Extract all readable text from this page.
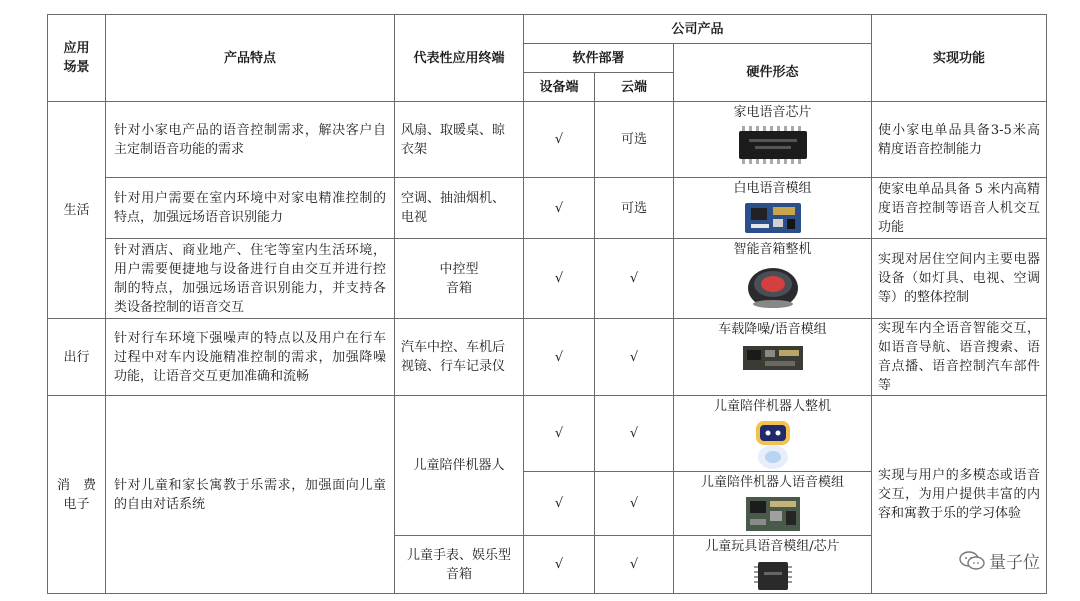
应用场景	产品特点	代表性应用终端	公司产品			实现功能
			软件部署		硬件形态	
			设备端	云端		
生活	针对小家电产品的语音控制需求，解决客户自主定制语音功能的需求	风扇、取暖桌、晾衣架	√	可选	家电语音芯片	使小家电单品具备3-5米高精度语音控制能力
	针对用户需要在室内环境中对家电精准控制的特点，加强远场语音识别能力	空调、抽油烟机、电视	√	可选	白电语音模组	使家电单品具备 5 米内高精度语音控制等语音人机交互功能
	针对酒店、商业地产、住宅等室内生活环境，用户需要便捷地与设备进行自由交互并进行控制的特点，加强远场语音识别能力，并支持各类设备控制的语音交互	中控型
音箱	√	√	智能音箱整机	实现对居住空间内主要电器设备（如灯具、电视、空调等）的整体控制
出行	针对行车环境下强噪声的特点以及用户在行车过程中对车内设施精准控制的需求，加强降噪功能，让语音交互更加准确和流畅	汽车中控、车机后视镜、行车记录仪	√	√	车载降噪/语音模组	实现车内全语音智能交互，如语音导航、语音搜索、语音点播、语音控制汽车部件等
消　费
电子	针对儿童和家长寓教于乐需求，加强面向儿童的自由对话系统	儿童陪伴机器人	√	√	儿童陪伴机器人整机	实现与用户的多模态或语音交互，为用户提供丰富的内容和寓教于乐的学习体验
			√	√	儿童陪伴机器人语音模组	

		儿童手表、娱乐型
音箱	√	√	儿童玩具语音模组/芯片	
量子位
